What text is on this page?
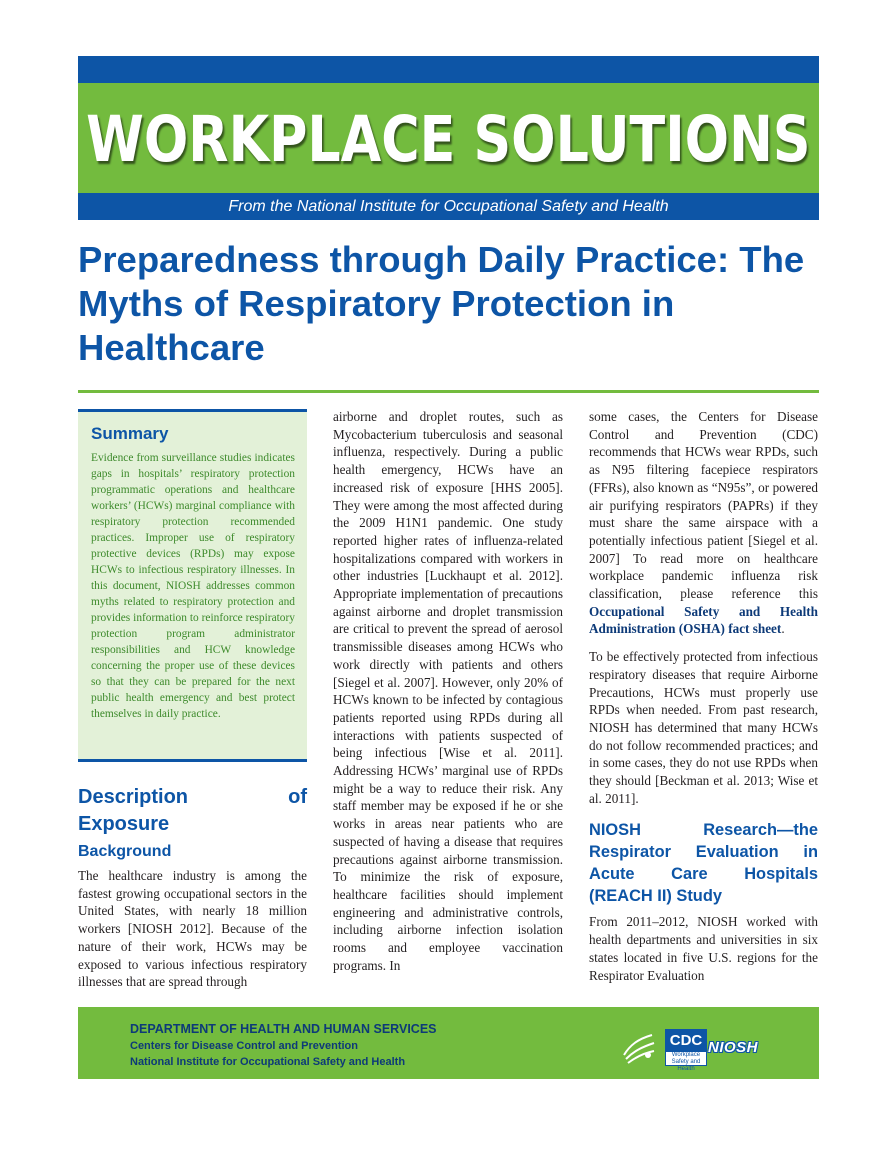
WORKPLACE SOLUTIONS
From the National Institute for Occupational Safety and Health
Preparedness through Daily Practice: The Myths of Respiratory Protection in Healthcare
Summary

Evidence from surveillance studies indicates gaps in hospitals’ respiratory protection programmatic operations and healthcare workers’ (HCWs) marginal compliance with respiratory protection recommended practices. Improper use of respiratory protective devices (RPDs) may expose HCWs to infectious respiratory illnesses. In this document, NIOSH addresses common myths related to respiratory protection and provides information to reinforce respiratory protection program administrator responsibilities and HCW knowledge concerning the proper use of these devices so that they can be prepared for the next public health emergency and best protect themselves in daily practice.

Description of Exposure
Background

The healthcare industry is among the fastest growing occupational sectors in the United States, with nearly 18 million workers [NIOSH 2012]. Because of the nature of their work, HCWs may be exposed to various infectious respiratory illnesses that are spread through

airborne and droplet routes, such as Mycobacterium tuberculosis and seasonal influenza, respectively. During a public health emergency, HCWs have an increased risk of exposure [HHS 2005]. They were among the most affected during the 2009 H1N1 pandemic. One study reported higher rates of influenza-related hospitalizations compared with workers in other industries [Luckhaupt et al. 2012]. Appropriate implementation of precautions against airborne and droplet transmission are critical to prevent the spread of aerosol transmissible diseases among HCWs who work directly with patients and others [Siegel et al. 2007]. However, only 20% of HCWs known to be infected by contagious patients reported using RPDs during all interactions with patients suspected of being infectious [Wise et al. 2011]. Addressing HCWs’ marginal use of RPDs might be a way to reduce their risk. Any staff member may be exposed if he or she works in areas near patients who are suspected of having a disease that requires precautions against airborne transmission. To minimize the risk of exposure, healthcare facilities should implement engineering and administrative controls, including airborne infection isolation rooms and employee vaccination programs. In

some cases, the Centers for Disease Control and Prevention (CDC) recommends that HCWs wear RPDs, such as N95 filtering facepiece respirators (FFRs), also known as “N95s”, or powered air purifying respirators (PAPRs) if they must share the same airspace with a potentially infectious patient [Siegel et al. 2007] To read more on healthcare workplace pandemic influenza risk classification, please reference this Occupational Safety and Health Administration (OSHA) fact sheet.

To be effectively protected from infectious respiratory diseases that require Airborne Precautions, HCWs must properly use RPDs when needed. From past research, NIOSH has determined that many HCWs do not follow recommended practices; and in some cases, they do not use RPDs when they should [Beckman et al. 2013; Wise et al. 2011].

NIOSH Research—the Respirator Evaluation in Acute Care Hospitals (REACH II) Study

From 2011–2012, NIOSH worked with health departments and universities in six states located in five U.S. regions for the Respirator Evaluation

DEPARTMENT OF HEALTH AND HUMAN SERVICES
Centers for Disease Control and Prevention
National Institute for Occupational Safety and Health
CDC
Workplace Safety and Health
NIOSH
